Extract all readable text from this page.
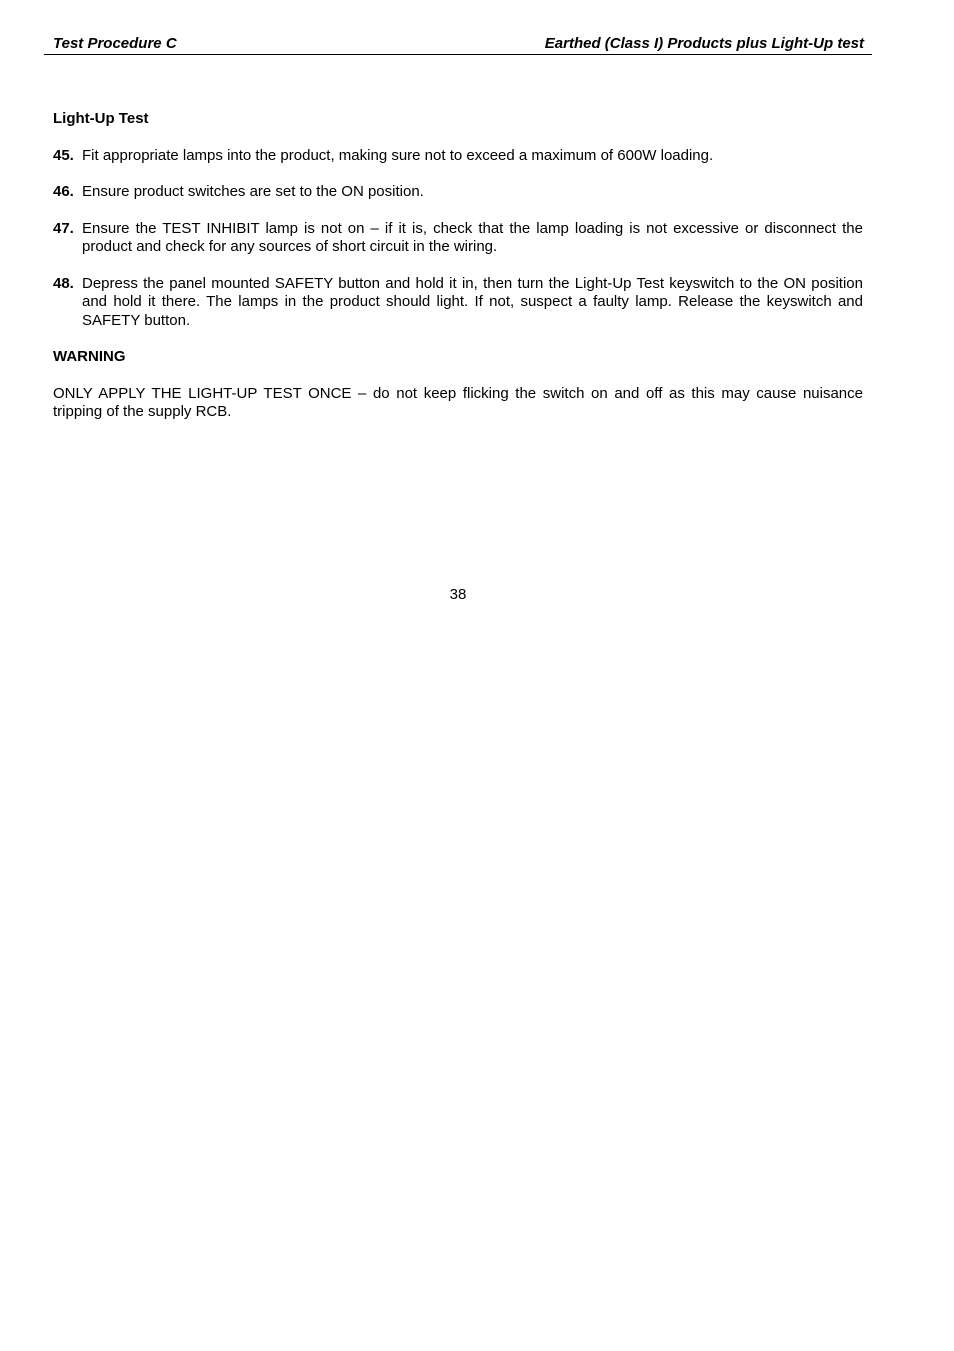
Test Procedure C	Earthed (Class I) Products plus Light-Up test
Light-Up Test
45. Fit appropriate lamps into the product, making sure not to exceed a maximum of 600W loading.
46. Ensure product switches are set to the ON position.
47. Ensure the TEST INHIBIT lamp is not on – if it is, check that the lamp loading is not excessive or disconnect the product and check for any sources of short circuit in the wiring.
48. Depress the panel mounted SAFETY button and hold it in, then turn the Light-Up Test keyswitch to the ON position and hold it there. The lamps in the product should light. If not, suspect a faulty lamp. Release the keyswitch and SAFETY button.
WARNING

ONLY APPLY THE LIGHT-UP TEST ONCE – do not keep flicking the switch on and off as this may cause nuisance tripping of the supply RCB.

38
